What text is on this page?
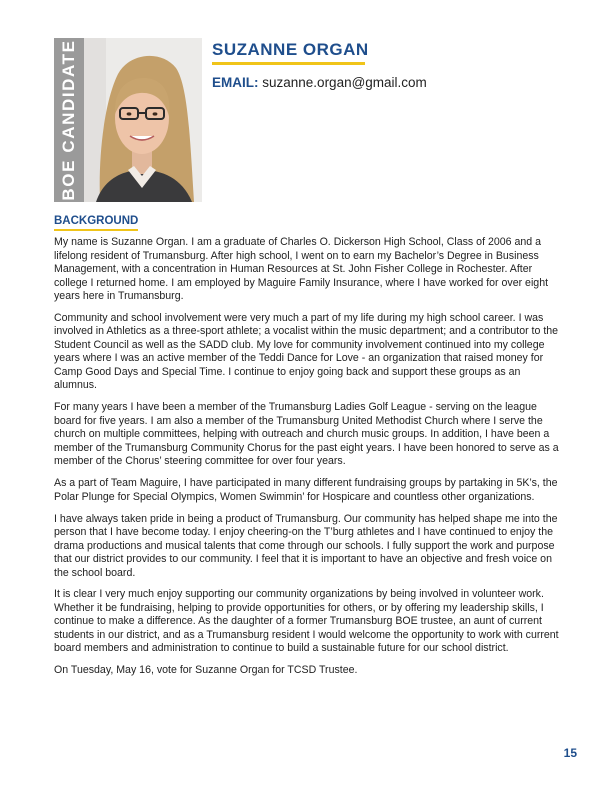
BOE CANDIDATE	SUZANNE ORGAN
EMAIL: suzanne.organ@gmail.com
BACKGROUND

My name is Suzanne Organ. I am a graduate of Charles O. Dickerson High School, Class of 2006 and a lifelong resident of Trumansburg. After high school, I went on to earn my Bachelor’s Degree in Business Management, with a concentration in Human Resources at St. John Fisher College in Rochester. After college I returned home. I am employed by Maguire Family Insurance, where I have worked for over eight years here in Trumansburg.

Community and school involvement were very much a part of my life during my high school career. I was involved in Athletics as a three-sport athlete; a vocalist within the music department; and a contributor to the Student Council as well as the SADD club. My love for community involvement continued into my college years where I was an active member of the Teddi Dance for Love - an organization that raised money for Camp Good Days and Special Time. I continue to enjoy going back and support these groups as an alumnus.

For many years I have been a member of the Trumansburg Ladies Golf League - serving on the league board for five years. I am also a member of the Trumansburg United Methodist Church where I serve the church on multiple committees, helping with outreach and church music groups. In addition, I have been a member of the Trumansburg Community Chorus for the past eight years. I have been honored to serve as a member of the Chorus’ steering committee for over four years.

As a part of Team Maguire, I have participated in many different fundraising groups by partaking in 5K’s, the Polar Plunge for Special Olympics, Women Swimmin’ for Hospicare and countless other organizations.

I have always taken pride in being a product of Trumansburg. Our community has helped shape me into the person that I have become today. I enjoy cheering-on the T’burg athletes and I have continued to enjoy the drama productions and musical talents that come through our schools. I fully support the work and purpose that our district provides to our community. I feel that it is important to have an objective and fresh voice on the school board.

It is clear I very much enjoy supporting our community organizations by being involved in volunteer work. Whether it be fundraising, helping to provide opportunities for others, or by offering my leadership skills, I continue to make a difference. As the daughter of a former Trumansburg BOE trustee, an aunt of current students in our district, and as a Trumansburg resident I would welcome the opportunity to work with current board members and administration to continue to build a sustainable future for our school district.

On Tuesday, May 16, vote for Suzanne Organ for TCSD Trustee.

15
